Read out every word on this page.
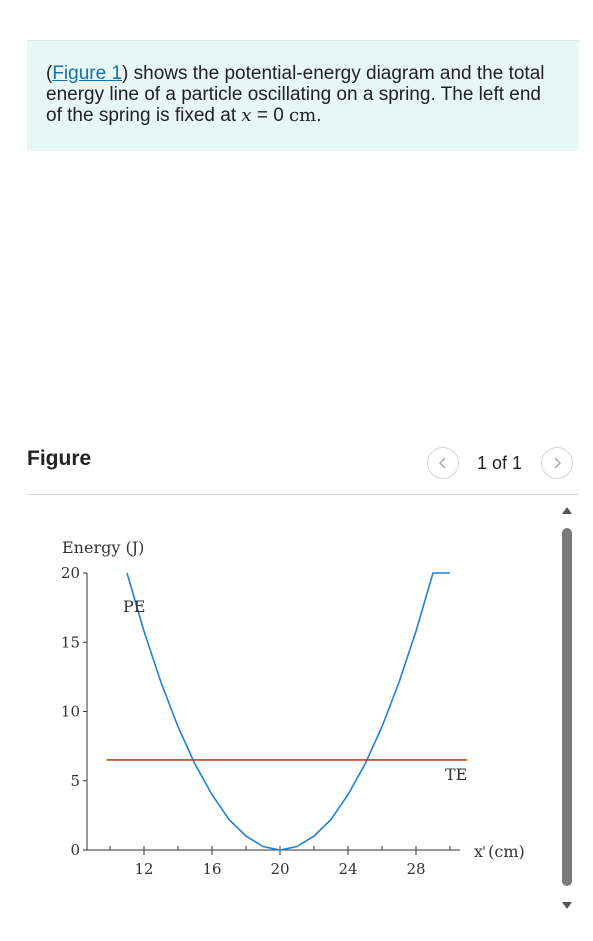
(Figure 1) shows the potential-energy diagram and the total energy line of a particle oscillating on a spring. The left end of the spring is fixed at x = 0 cm.
Figure	1 of 1
0
5
10
15
20
12	16	20	24	28
Energy (J)
x (cm)
PE
TE
